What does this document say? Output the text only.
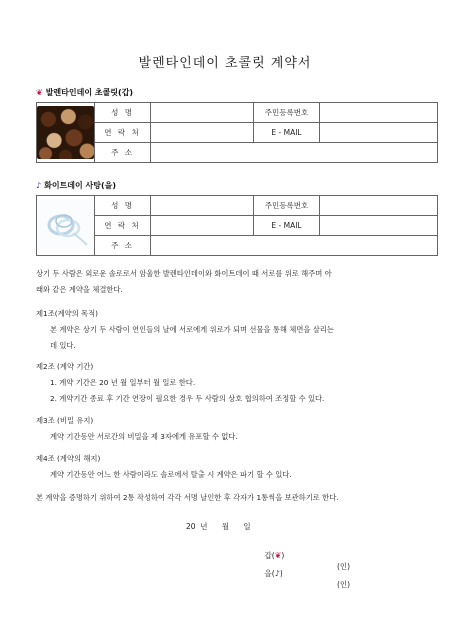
발렌타인데이 초콜릿 계약서
❦ 발렌타인데이 초콜릿(갑)
	성 명		주민등록번호	
	연 락 처		E - MAIL	
	주 소			
♪ 화이트데이 사탕(을)
	성 명		주민등록번호	
	연 락 처		E - MAIL	
	주 소			
상기 두 사람은 외로운 솔로로서 암울한 발렌타인데이와 화이트데이 때 서로를 위로 해주며 아
래와 같은 계약을 체결한다.
제1조(계약의 목적)
본 계약은 상기 두 사람이 연인들의 날에 서로에게 위로가 되며 선물을 통해 체면을 살리는
데 있다.
제2조 (계약 기간)
1. 계약 기간은 20 년 월 일부터 월 일로 한다.
2. 계약기간 종료 후 기간 연장이 필요한 경우 두 사람의 상호 협의하여 조정할 수 있다.
제3조 (비밀 유지)
계약 기간동안 서로간의 비밀을 제 3자에게 유포할 수 없다.
제4조 (계약의 해지)
계약 기간동안 어느 한 사람이라도 솔로에서 탈출 시 계약은 파기 할 수 있다.
본 계약을 증명하기 위하여 2통 작성하여 각각 서명 날인한 후 각자가 1통씩을 보관하기로 한다.
20  년      월      일

갑(❦)

(인)

을(♪)

(인)
